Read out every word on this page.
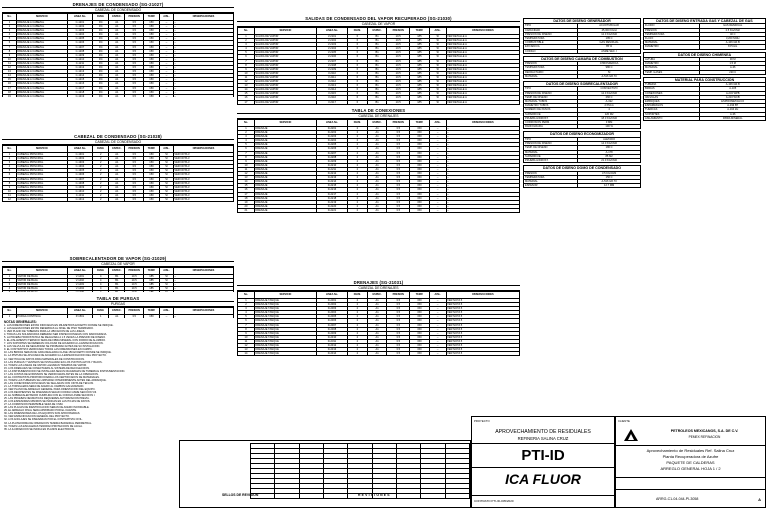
DRENAJES DE CONDENSADO (SG-21027)
CABEZAL DE CONDENSADO
No.	SERVICIO	LINEA No.	DIAM.	ESPEC.	PRESION	TEMP.	AISL.	OBSERVACIONES
1	DRENAJE A CABEZAL	C-1201	3/4	A1	3.5	150	--	--
2	DRENAJE A CABEZAL	C-1202	3/4	A1	3.5	150	--	--
3	DRENAJE A CABEZAL	C-1203	3/4	A1	3.5	150	--	--
4	DRENAJE A CABEZAL	C-1204	3/4	A1	3.5	150	--	--
5	DRENAJE A CABEZAL	C-1205	3/4	A1	3.5	150	--	--
6	DRENAJE A CABEZAL	C-1206	3/4	A1	3.5	150	--	--
7	DRENAJE A CABEZAL	C-1207	3/4	A1	3.5	150	--	--
8	DRENAJE A CABEZAL	C-1208	3/4	A1	3.5	150	--	--
9	DRENAJE A CABEZAL	C-1209	3/4	A1	3.5	150	--	--
10	DRENAJE A CABEZAL	C-1210	3/4	A1	3.5	150	--	--
11	DRENAJE A CABEZAL	C-1211	3/4	A1	3.5	150	--	--
12	DRENAJE A CABEZAL	C-1212	3/4	A1	3.5	150	--	--
13	DRENAJE A CABEZAL	C-1213	3/4	A1	3.5	150	--	--
14	DRENAJE A CABEZAL	C-1214	3/4	A1	3.5	150	--	--
15	DRENAJE A CABEZAL	C-1215	3/4	A1	3.5	150	--	--
16	DRENAJE A CABEZAL	C-1216	3/4	A1	3.5	150	--	--
17	DRENAJE A CABEZAL	C-1217	3/4	A1	3.5	150	--	--
18	DRENAJE A CABEZAL	C-1218	3/4	A1	3.5	150	--	--
19	DRENAJE A CABEZAL	C-1219	3/4	A1	3.5	150	--	--

CABEZAL DE CONDENSADO (SG-21028)
CABEZAL DE CONDENSADO
No.	SERVICIO	LINEA No.	DIAM.	ESPEC.	PRESION	TEMP.	AISL.	OBSERVACIONES
1	CABEZAL PRINCIPAL	C-1301	2	A1	3.5	150	SI	VER NOTA 3
2	CABEZAL PRINCIPAL	C-1302	2	A1	3.5	150	SI	VER NOTA 3
3	CABEZAL PRINCIPAL	C-1303	2	A1	3.5	150	SI	VER NOTA 3
4	CABEZAL PRINCIPAL	C-1304	2	A1	3.5	150	SI	VER NOTA 3
5	CABEZAL PRINCIPAL	C-1305	2	A1	3.5	150	SI	VER NOTA 3
6	CABEZAL PRINCIPAL	C-1306	2	A1	3.5	150	SI	VER NOTA 3
7	CABEZAL PRINCIPAL	C-1307	2	A1	3.5	150	SI	VER NOTA 3
8	CABEZAL PRINCIPAL	C-1308	2	A1	3.5	150	SI	VER NOTA 3
9	CABEZAL PRINCIPAL	C-1309	2	A1	3.5	150	SI	VER NOTA 3
10	CABEZAL PRINCIPAL	C-1310	2	A1	3.5	150	SI	VER NOTA 3
11	CABEZAL PRINCIPAL	C-1311	2	A1	3.5	150	SI	VER NOTA 3
12	CABEZAL PRINCIPAL	C-1312	2	A1	3.5	150	SI	VER NOTA 3

SOBRECALENTADOR DE VAPOR (SG-21029)
CABEZAL DE VAPOR
No.	SERVICIO	LINEA No.	DIAM.	ESPEC.	PRESION	TEMP.	AISL.	OBSERVACIONES
1	VAPOR DE BAJA	V-1401	4	B1	10.5	185	SI	--
2	VAPOR DE BAJA	V-1402	4	B1	10.5	185	SI	--
3	VAPOR DE BAJA	V-1403	4	B1	10.5	185	SI	--
4	VAPOR DE BAJA	V-1404	4	B1	10.5	185	SI	--

TABLA DE PURGAS
PURGAS
No.	SERVICIO	LINEA No.	DIAM.	ESPEC.	PRESION	TEMP.	AISL.	OBSERVACIONES
1	PURGA CONTINUA	P-1501	1	A1	3.5	150	--	--

NOTAS GENERALES:
1. LAS DIMENSIONES ESTAN INDICADAS EN MILIMETROS EXCEPTO DONDE SE INDIQUE.
2. LAS ELEVACIONES ESTAN REFERIDAS AL NIVEL DE PISO TERMINADO.
3. VER PLANO DE TUBERIAS PARA LA UBICACION DE LAS LINEAS.
4. TODAS LAS SOLDADURAS DEBERAN SER INSPECCIONADAS CON RADIOGRAFIA.
5. LA PRUEBA HIDROSTATICA SE REALIZARA A 1.5 VECES LA PRESION DE DISENO.
6. EL AISLAMIENTO TERMICO SERA DE FIBRA MINERAL CON FORRO DE ALUMINIO.
7. LOS SOPORTES SE DEBERAN COLOCAR DE ACUERDO A LA ESPECIFICACION.
8. LAS VALVULAS DE SEGURIDAD SE PROBARAN ANTES DE SU INSTALACION.
9. EL CONTRATISTA VERIFICARA TODAS LAS DIMENSIONES EN CAMPO.
10. LAS BRIDAS SERAN DE CARA REALZADA CLASE 150 EXCEPTO DONDE SE INDIQUE.
11. LA PINTURA SE APLICARA DE ACUERDO A LA ESPECIFICACION DEL PROYECTO.
12. VER HOJA DE DATOS PARA MATERIALES DE CONSTRUCCION.
13. LAS PURGAS Y VENTEOS SE INSTALARAN EN LOS PUNTOS ALTOS Y BAJOS.
14. TODAS LAS LINEAS DE VAPOR LLEVARAN TRAMPAS DE VAPOR.
15. LOS DRENAJES SE CONECTARAN AL SISTEMA DE RECOLECCION.
16. LA INSTRUMENTACION SE INSTALARA SEGUN DIAGRAMAS DE TUBERIA E INSTRUMENTACION.
17. LAS JUNTAS DE EXPANSION SE VERIFICARAN ANTES DE LA OPERACION.
18. EL CONTRATISTA PROPORCIONARA LOS CERTIFICADOS DE MATERIALES.
19. TODAS LAS TUBERIAS SE LIMPIARAN INTERIORMENTE ANTES DEL ARRANQUE.
20. LAS CONEXIONES ROSCADAS SE SELLARAN CON CINTA DE TEFLON.
21. LA TORNILLERIA SERA DE ACERO AL CARBON GALVANIZADO.
22. VER PLANO DE ARREGLO GENERAL PARA ORIENTACION DEL EQUIPO.
23. LOS RECIPIENTES SE DISENARAN SEGUN CODIGO ASME SECCION VIII.
24. EL SOBRECALENTADOR CUMPLIRA CON EL CODIGO ASME SECCION I.
25. LAS PRUEBAS NEUMATICAS REQUIEREN AUTORIZACION PREVIA.
26. LOS ESPESORES MINIMOS SE INDICAN EN LAS HOJAS DE DATOS.
27. LA CORROSION PERMISIBLE SERA DE 3 MM.
28. LAS PLACAS DE IDENTIFICACION SERAN DE ACERO INOXIDABLE.
29. EL ARREGLO FINAL SERA APROBADO POR EL CLIENTE.
30. LAS DIMENSIONES DE LOS EQUIPOS SON APROXIMADAS.
31. VER ESPECIFICACION GENERAL DEL PROYECTO.
32. LOS ANCLAJES SE DISENARAN POR EL CONTRATISTA CIVIL.
33. LA PLATAFORMA DE OPERACION TENDRA BARANDAL PERIMETRAL.
34. TODAS LAS ESCALERAS TENDRAN PROTECCION DE JAULA.
35. LA ILUMINACION SE INDICA EN PLANOS ELECTRICOS.
SALIDAS DE CONDENSADO DEL VAPOR RECUPERADO (SG-21030)
CABEZAL DE VAPOR
No.	SERVICIO	LINEA No.	DIAM.	ESPEC.	PRESION	TEMP.	AISL.	OBSERVACIONES
1	SALIDA DE VAPOR	V-2101	6	B1	10.5	185	SI	VER DETALLE A
2	SALIDA DE VAPOR	V-2102	6	B1	10.5	185	SI	VER DETALLE A
3	SALIDA DE VAPOR	V-2103	6	B1	10.5	185	SI	VER DETALLE A
4	SALIDA DE VAPOR	V-2104	6	B1	10.5	185	SI	VER DETALLE A
5	SALIDA DE VAPOR	V-2105	6	B1	10.5	185	SI	VER DETALLE A
6	SALIDA DE VAPOR	V-2106	6	B1	10.5	185	SI	VER DETALLE A
7	SALIDA DE VAPOR	V-2107	6	B1	10.5	185	SI	VER DETALLE A
8	SALIDA DE VAPOR	V-2108	6	B1	10.5	185	SI	VER DETALLE A
9	SALIDA DE VAPOR	V-2109	6	B1	10.5	185	SI	VER DETALLE A
10	SALIDA DE VAPOR	V-2110	6	B1	10.5	185	SI	VER DETALLE A
11	SALIDA DE VAPOR	V-2111	6	B1	10.5	185	SI	VER DETALLE A
12	SALIDA DE VAPOR	V-2112	6	B1	10.5	185	SI	VER DETALLE A
13	SALIDA DE VAPOR	V-2113	6	B1	10.5	185	SI	VER DETALLE A
14	SALIDA DE VAPOR	V-2114	6	B1	10.5	185	SI	VER DETALLE A
15	SALIDA DE VAPOR	V-2115	6	B1	10.5	185	SI	VER DETALLE A
16	SALIDA DE VAPOR	V-2116	6	B1	10.5	185	SI	VER DETALLE A
17	SALIDA DE VAPOR	V-2117	6	B1	10.5	185	SI	VER DETALLE A
TABLA DE CONEXIONES
CABEZAL DE DRENAJES
No.	SERVICIO	LINEA No.	DIAM.	ESPEC.	PRESION	TEMP.	AISL.	OBSERVACIONES
1	DRENAJE	D-2201	2	A1	3.5	150	--	--
2	DRENAJE	D-2202	2	A1	3.5	150	--	--
3	DRENAJE	D-2203	2	A1	3.5	150	--	--
4	DRENAJE	D-2204	2	A1	3.5	150	--	--
5	DRENAJE	D-2205	2	A1	3.5	150	--	--
6	DRENAJE	D-2206	2	A1	3.5	150	--	--
7	DRENAJE	D-2207	2	A1	3.5	150	--	--
8	DRENAJE	D-2208	2	A1	3.5	150	--	--
9	DRENAJE	D-2209	2	A1	3.5	150	--	--
10	DRENAJE	D-2210	2	A1	3.5	150	--	--
11	DRENAJE	D-2211	2	A1	3.5	150	--	--
12	DRENAJE	D-2212	2	A1	3.5	150	--	--
13	DRENAJE	D-2213	2	A1	3.5	150	--	--
14	DRENAJE	D-2214	2	A1	3.5	150	--	--
15	DRENAJE	D-2215	2	A1	3.5	150	--	--
16	DRENAJE	D-2216	2	A1	3.5	150	--	--
17	DRENAJE	D-2217	2	A1	3.5	150	--	--
18	DRENAJE	D-2218	2	A1	3.5	150	--	--
19	DRENAJE	D-2219	2	A1	3.5	150	--	--
20	DRENAJE	D-2220	2	A1	3.5	150	--	--
21	DRENAJE	D-2221	2	A1	3.5	150	--	--
DRENAJES (SG-21031)
CABEZAL DE DRENAJES
No.	SERVICIO	LINEA No.	DIAM.	ESPEC.	PRESION	TEMP.	AISL.	OBSERVACIONES
1	DRENAJE TANQUE	D-2301	2	A1	3.5	150	--	VER NOTA 5
2	DRENAJE TANQUE	D-2302	2	A1	3.5	150	--	VER NOTA 5
3	DRENAJE TANQUE	D-2303	2	A1	3.5	150	--	VER NOTA 5
4	DRENAJE TANQUE	D-2304	2	A1	3.5	150	--	VER NOTA 5
5	DRENAJE TANQUE	D-2305	2	A1	3.5	150	--	VER NOTA 5
6	DRENAJE TANQUE	D-2306	2	A1	3.5	150	--	VER NOTA 5
7	DRENAJE TANQUE	D-2307	2	A1	3.5	150	--	VER NOTA 5
8	DRENAJE TANQUE	D-2308	2	A1	3.5	150	--	VER NOTA 5
9	DRENAJE TANQUE	D-2309	2	A1	3.5	150	--	VER NOTA 5
10	DRENAJE TANQUE	D-2310	2	A1	3.5	150	--	VER NOTA 5
11	DRENAJE TANQUE	D-2311	2	A1	3.5	150	--	VER NOTA 5
12	DRENAJE TANQUE	D-2312	2	A1	3.5	150	--	VER NOTA 5
13	DRENAJE TANQUE	D-2313	2	A1	3.5	150	--	VER NOTA 5
14	DRENAJE TANQUE	D-2314	2	A1	3.5	150	--	VER NOTA 5
DATOS DE DISENO GENERADOR
TIPO	ACUOTUBULAR
CAPACIDAD	45,000 KG/H
PRESION DE DISENO	12.0 KG/CM2
TEMPERATURA	195 C
COMBUSTIBLE	GAS RESIDUAL
EFICIENCIA	85 %
CODIGO	ASME SEC. I
DATOS DE DISENO CAMARA DE COMBUSTION
PRESION	ATMOSFERICA
TEMPERATURA	980 C
REFRACTARIO	SI
MATERIAL	A-516 GR.70
DATOS DE DISENO SOBRECALENTADOR
TIPO	CONVECTIVO
PRESION DE DISENO	12.0 KG/CM2
TEMP. DE DISENO	260 C
MATERIAL TUBOS	A-192
DIAMETRO TUBOS	2 PULG
NUMERO DE PASOS	4
SUPERFICIE	120 M2
PRUEBA HIDROST.	18.0 KG/CM2
CORROSION PERM.	3 MM
RADIOGRAFIA	100 %
DATOS DE DISENO ECONOMIZADOR
TIPO	ALETADO
PRESION DE DISENO	14.0 KG/CM2
TEMP. DE DISENO	180 C
MATERIAL	A-178
SUPERFICIE	85 M2
PRUEBA HIDROST.	21.0 KG/CM2
DATOS DE DISENO DOMO DE CONDENSADO
PRESION	3.5 KG/CM2
TEMPERATURA	150 C
MATERIAL	A-516 GR.70
ESPESOR	12.7 MM
DATOS DE DISENO ENTRADA GAS Y CABEZAL DE GAS
FLUIDO	GAS RESIDUAL
PRESION	2.5 KG/CM2
TEMPERATURA	40 C
FLUJO	3,200 M3/H
MATERIAL	A-106 GR.B
DIAMETRO	8 PULG
DATOS DE DISENO CHIMENEA
ALTURA	30 M
DIAMETRO	1.5 M
MATERIAL	A-36
TEMP. GASES	220 C
MATERIAL PARA CONSTRUCCION
TUBERIA	A-106 GR.B
BRIDAS	A-105
CONEXIONES	A-234 WPB
VALVULAS	A-216 WCB
EMPAQUES	ESPIROMETALICO
ESPARRAGOS	A-193 B7
TUERCAS	A-194 2H
SOPORTES	A-36
AISLAMIENTO	FIBRA MINERAL

SELLOS DE REVISION	REVISIONES
PROYECTO
APROVECHAMIENTO DE RESIDUALES
REFINERIA SALINA CRUZ
PTI-ID
ICA FLUOR
CONTRATO PTI-ID-005/2020
CLIENTE
PETROLEOS MEXICANOS, S.A. DE C.V.
PEMEX REFINACION
Aprovechamiento de Residuales Ref. Salina Cruz
Planta Recuperadora de Azufre
PAQUETE DE CALDERAS
ARREGLO GENERAL HOJA 1 / 2
ARRG-C1-04-044-PI-3058	A
